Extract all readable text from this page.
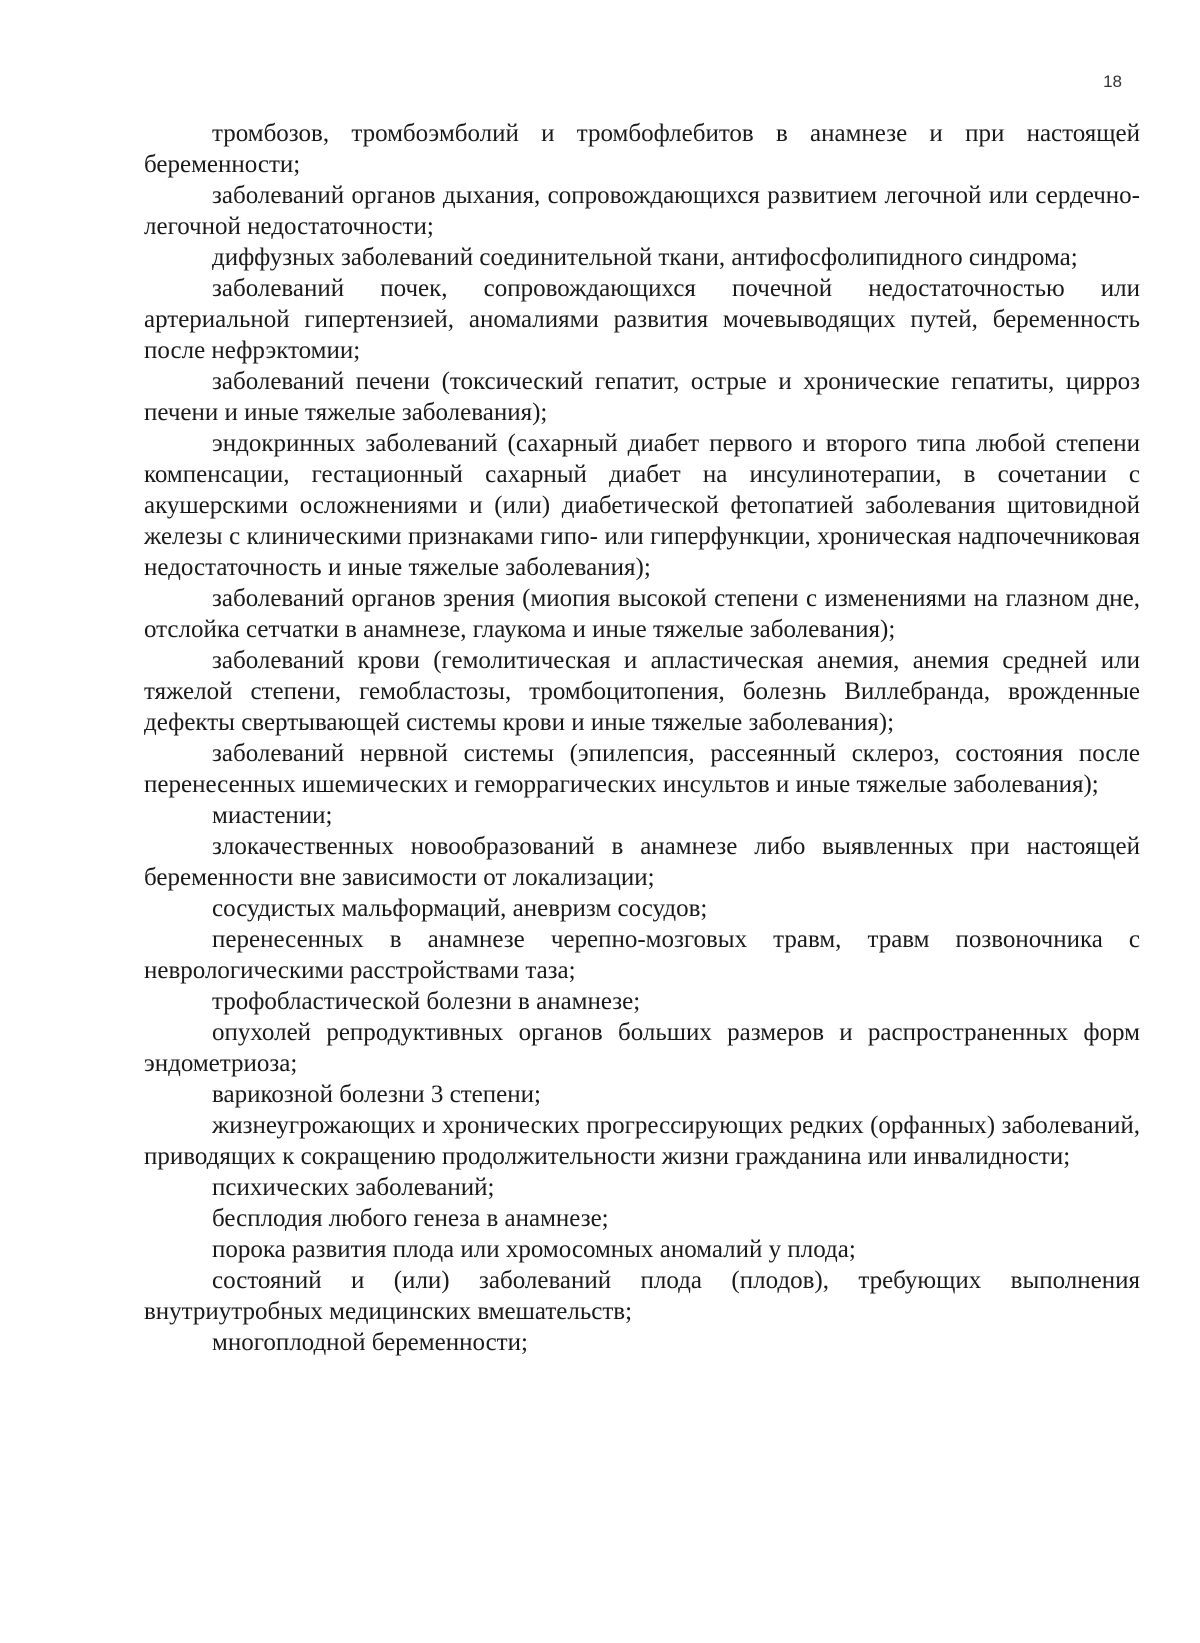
18

тромбозов, тромбоэмболий и тромбофлебитов в анамнезе и при настоящей беременности;

заболеваний органов дыхания, сопровождающихся развитием легочной или сердечно-легочной недостаточности;

диффузных заболеваний соединительной ткани, антифосфолипидного синдрома;

заболеваний почек, сопровождающихся почечной недостаточностью или артериальной гипертензией, аномалиями развития мочевыводящих путей, беременность после нефрэктомии;

заболеваний печени (токсический гепатит, острые и хронические гепатиты, цирроз печени и иные тяжелые заболевания);

эндокринных заболеваний (сахарный диабет первого и второго типа любой степени компенсации, гестационный сахарный диабет на инсулинотерапии, в сочетании с акушерскими осложнениями и (или) диабетической фетопатией заболевания щитовидной железы с клиническими признаками гипо- или гиперфункции, хроническая надпочечниковая недостаточность и иные тяжелые заболевания);

заболеваний органов зрения (миопия высокой степени с изменениями на глазном дне, отслойка сетчатки в анамнезе, глаукома и иные тяжелые заболевания);

заболеваний крови (гемолитическая и апластическая анемия, анемия средней или тяжелой степени, гемобластозы, тромбоцитопения, болезнь Виллебранда, врожденные дефекты свертывающей системы крови и иные тяжелые заболевания);

заболеваний нервной системы (эпилепсия, рассеянный склероз, состояния после перенесенных ишемических и геморрагических инсультов и иные тяжелые заболевания);

миастении;

злокачественных новообразований в анамнезе либо выявленных при настоящей беременности вне зависимости от локализации;

сосудистых мальформаций, аневризм сосудов;

перенесенных в анамнезе черепно-мозговых травм, травм позвоночника с неврологическими расстройствами таза;

трофобластической болезни в анамнезе;

опухолей репродуктивных органов больших размеров и распространенных форм эндометриоза;

варикозной болезни 3 степени;

жизнеугрожающих и хронических прогрессирующих редких (орфанных) заболеваний, приводящих к сокращению продолжительности жизни гражданина или инвалидности;

психических заболеваний;

бесплодия любого генеза в анамнезе;

порока развития плода или хромосомных аномалий у плода;

состояний и (или) заболеваний плода (плодов), требующих выполнения внутриутробных медицинских вмешательств;

многоплодной беременности;
